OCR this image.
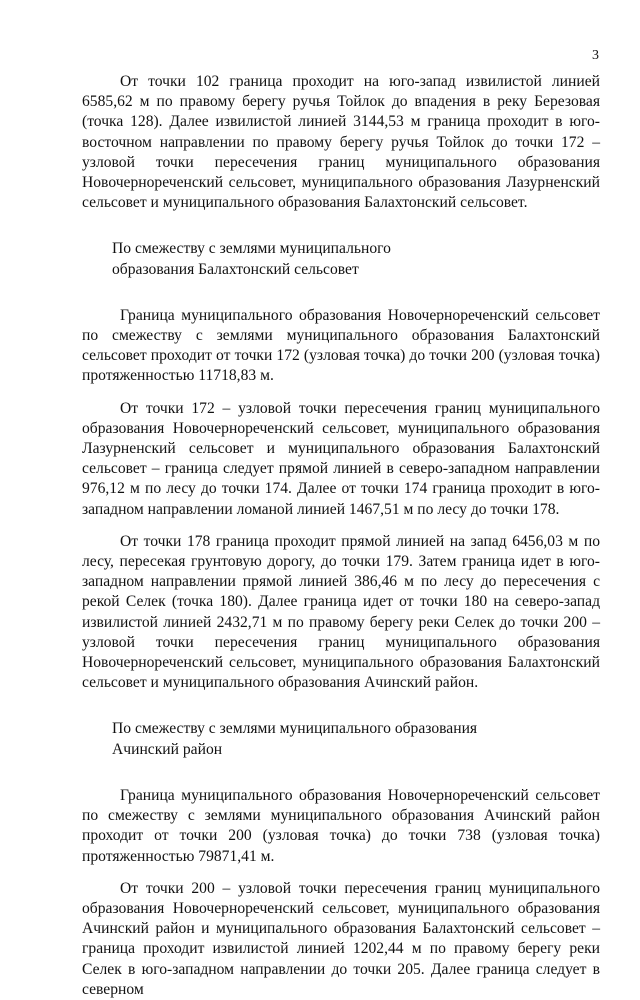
3

От точки 102 граница проходит на юго-запад извилистой линией 6585,62 м по правому берегу ручья Тойлок до впадения в реку Березовая (точка 128). Далее извилистой линией 3144,53 м граница проходит в юго-восточном направлении по правому берегу ручья Тойлок до точки 172 – узловой точки пересечения границ муниципального образования Новочернореченский сельсовет, муниципального образования Лазурненский сельсовет и муниципального образования Балахтонский сельсовет.

По смежеству с землями муниципального

образования Балахтонский сельсовет

Граница муниципального образования Новочернореченский сельсовет по смежеству с землями муниципального образования Балахтонский сельсовет проходит от точки 172 (узловая точка) до точки 200 (узловая точка) протяженностью 11718,83 м.

От точки 172 – узловой точки пересечения границ муниципального образования Новочернореченский сельсовет, муниципального образования Лазурненский сельсовет и муниципального образования Балахтонский сельсовет – граница следует прямой линией в северо-западном направлении 976,12 м по лесу до точки 174. Далее от точки 174 граница проходит в юго-западном направлении ломаной линией 1467,51 м по лесу до точки 178.

От точки 178 граница проходит прямой линией на запад 6456,03 м по лесу, пересекая грунтовую дорогу, до точки 179. Затем граница идет в юго-западном направлении прямой линией 386,46 м по лесу до пересечения с рекой Селек (точка 180). Далее граница идет от точки 180 на северо-запад извилистой линией 2432,71 м по правому берегу реки Селек до точки 200 – узловой точки пересечения границ муниципального образования Новочернореченский сельсовет, муниципального образования Балахтонский сельсовет и муниципального образования Ачинский район.

По смежеству с землями муниципального образования

Ачинский район

Граница муниципального образования Новочернореченский сельсовет по смежеству с землями муниципального образования Ачинский район проходит от точки 200 (узловая точка) до точки 738 (узловая точка) протяженностью 79871,41 м.

От точки 200 – узловой точки пересечения границ муниципального образования Новочернореченский сельсовет, муниципального образования Ачинский район и муниципального образования Балахтонский сельсовет – граница проходит извилистой линией 1202,44 м по правому берегу реки Селек в юго-западном направлении до точки 205. Далее граница следует в северном
